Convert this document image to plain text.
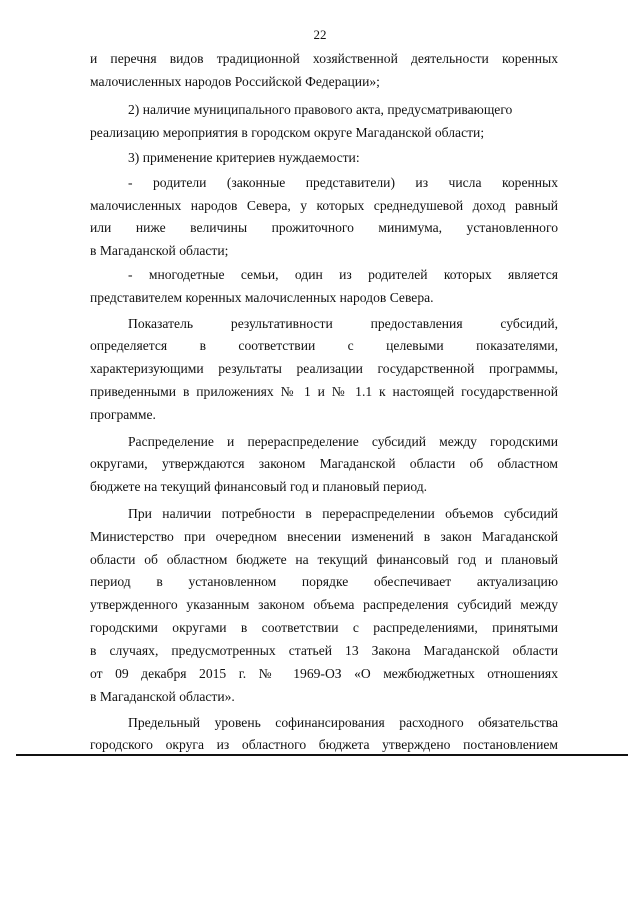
22
и перечня видов традиционной хозяйственной деятельности коренных
малочисленных народов Российской Федерации»;
2) наличие муниципального правового акта, предусматривающего
реализацию мероприятия в городском округе Магаданской области;
3) применение критериев нуждаемости:
- родители (законные представители) из числа коренных
малочисленных народов Севера, у которых среднедушевой доход равный
или ниже величины прожиточного минимума, установленного
в Магаданской области;
- многодетные семьи, один из родителей которых является
представителем коренных малочисленных народов Севера.
Показатель результативности предоставления субсидий,
определяется в соответствии с целевыми показателями,
характеризующими результаты реализации государственной программы,
приведенными в приложениях № 1 и № 1.1 к настоящей государственной
программе.
Распределение и перераспределение субсидий между городскими
округами, утверждаются законом Магаданской области об областном
бюджете на текущий финансовый год и плановый период.
При наличии потребности в перераспределении объемов субсидий
Министерство при очередном внесении изменений в закон Магаданской
области об областном бюджете на текущий финансовый год и плановый
период в установленном порядке обеспечивает актуализацию
утвержденного указанным законом объема распределения субсидий между
городскими округами в соответствии с распределениями, принятыми
в случаях, предусмотренных статьей 13 Закона Магаданской области
от 09 декабря 2015 г. № 1969-ОЗ «О межбюджетных отношениях
в Магаданской области».
Предельный уровень софинансирования расходного обязательства
городского округа из областного бюджета утверждено постановлением
